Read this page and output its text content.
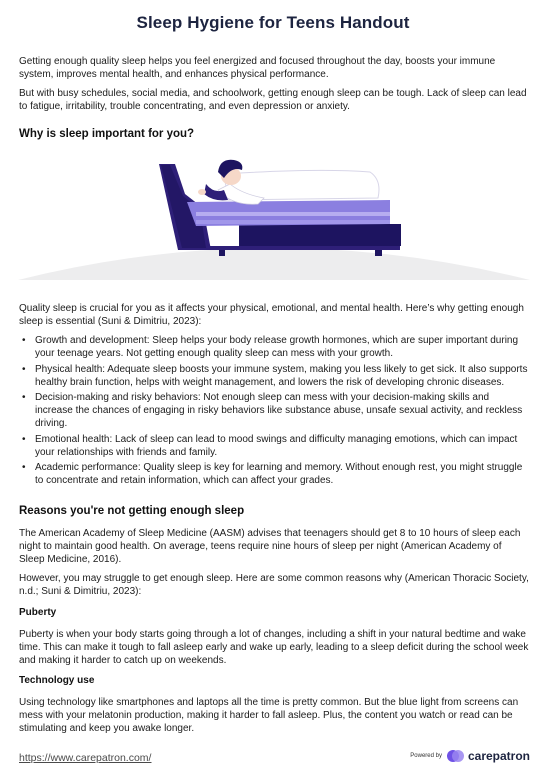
Sleep Hygiene for Teens Handout

Getting enough quality sleep helps you feel energized and focused throughout the day, boosts your immune system, improves mental health, and enhances physical performance.

But with busy schedules, social media, and schoolwork, getting enough sleep can be tough. Lack of sleep can lead to fatigue, irritability, trouble concentrating, and even depression or anxiety.

Why is sleep important for you?

Quality sleep is crucial for you as it affects your physical, emotional, and mental health. Here’s why getting enough sleep is essential (Suni & Dimitriu, 2023):

• Growth and development: Sleep helps your body release growth hormones, which are super important during your teenage years. Not getting enough quality sleep can mess with your growth.
• Physical health: Adequate sleep boosts your immune system, making you less likely to get sick. It also supports healthy brain function, helps with weight management, and lowers the risk of developing chronic diseases.
• Decision-making and risky behaviors: Not enough sleep can mess with your decision-making skills and increase the chances of engaging in risky behaviors like substance abuse, unsafe sexual activity, and reckless driving.
• Emotional health: Lack of sleep can lead to mood swings and difficulty managing emotions, which can impact your relationships with friends and family.
• Academic performance: Quality sleep is key for learning and memory. Without enough rest, you might struggle to concentrate and retain information, which can affect your grades.
Reasons you're not getting enough sleep

The American Academy of Sleep Medicine (AASM) advises that teenagers should get 8 to 10 hours of sleep each night to maintain good health. On average, teens require nine hours of sleep per night (American Academy of Sleep Medicine, 2016).

However, you may struggle to get enough sleep. Here are some common reasons why (American Thoracic Society, n.d.; Suni & Dimitriu, 2023):

Puberty

Puberty is when your body starts going through a lot of changes, including a shift in your natural bedtime and wake time. This can make it tough to fall asleep early and wake up early, leading to a sleep deficit during the school week and making it harder to catch up on weekends.

Technology use

Using technology like smartphones and laptops all the time is pretty common. But the blue light from screens can mess with your melatonin production, making it harder to fall asleep. Plus, the content you watch or read can be stimulating and keep you awake longer.

https://www.carepatron.com/	Powered by carepatron
